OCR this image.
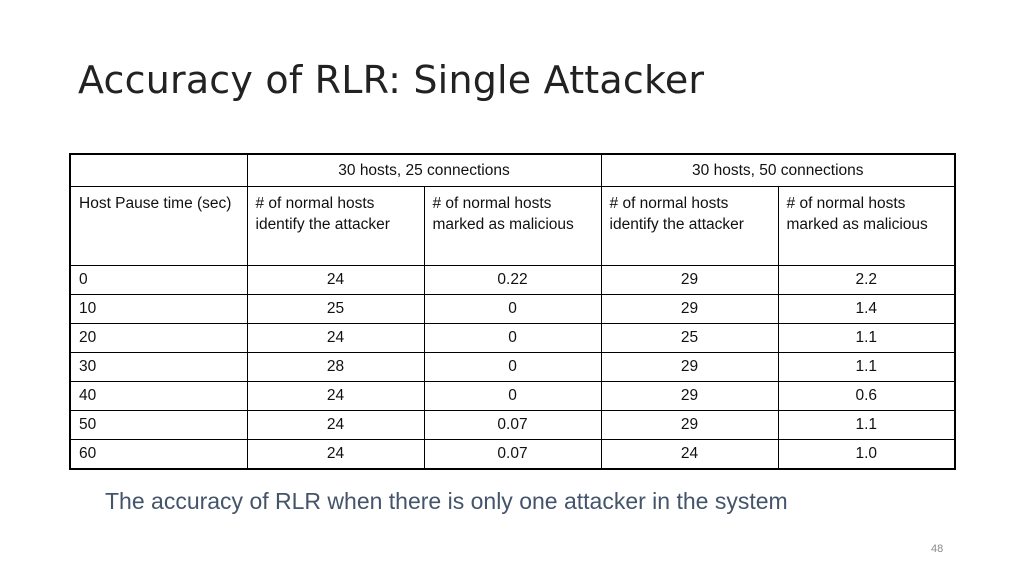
Accuracy of RLR: Single Attacker
	30 hosts, 25 connections		30 hosts, 50 connections	
Host Pause time (sec)	# of normal hosts identify the attacker	# of normal hosts marked as malicious	# of normal hosts identify the attacker	# of normal hosts marked as malicious
0	24	0.22	29	2.2
10	25	0	29	1.4
20	24	0	25	1.1
30	28	0	29	1.1
40	24	0	29	0.6
50	24	0.07	29	1.1
60	24	0.07	24	1.0
The accuracy of RLR when there is only one attacker in the system
48
